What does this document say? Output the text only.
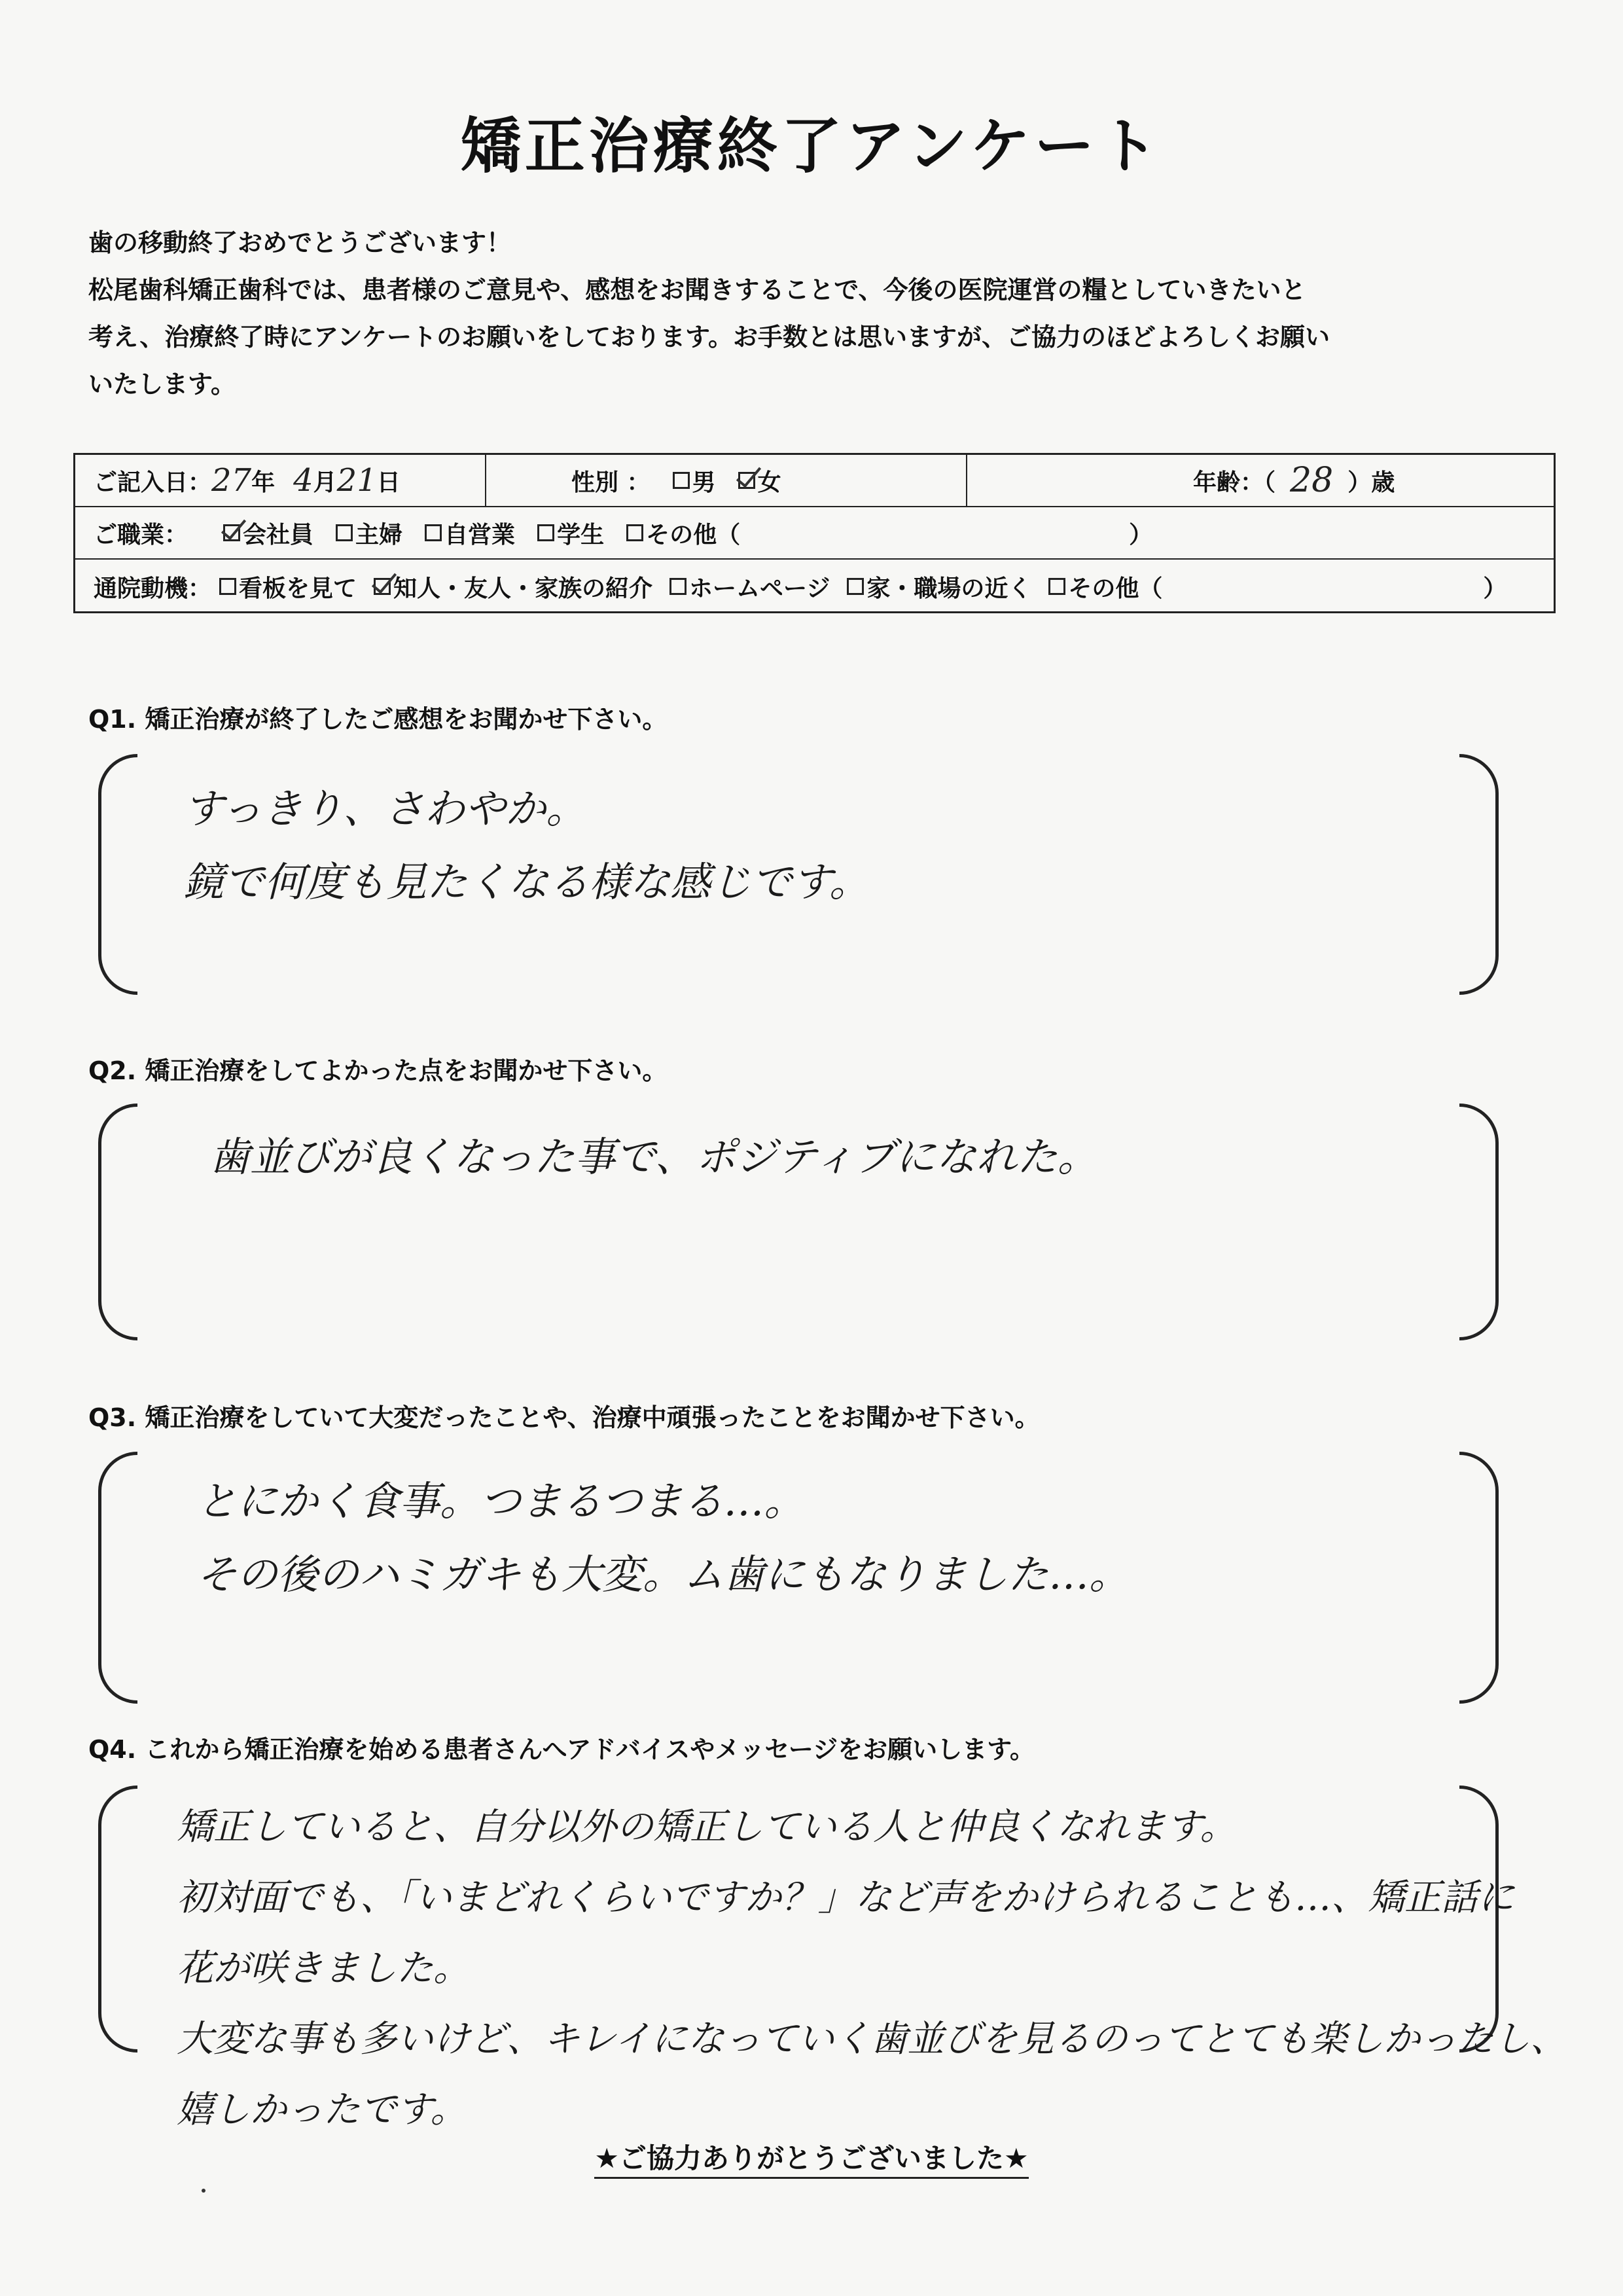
矯正治療終了アンケート

歯の移動終了おめでとうございます！

松尾歯科矯正歯科では、患者様のご意見や、感想をお聞きすることで、今後の医院運営の糧としていきたいと

考え、治療終了時にアンケートのお願いをしております。お手数とは思いますが、ご協力のほどよろしくお願い

いたします。

ご記入日： 27 年 4 月 21 日	性別 ： 男 女	年齢：（ 28 ）歳
ご職業： 会社員 主婦 自営業 学生 その他（	）
通院動機： 看板を見て 知人・友人・家族の紹介 ホームページ 家・職場の近く その他（	）
Q1. 矯正治療が終了したご感想をお聞かせ下さい。

すっきり、さわやか。

鏡で何度も見たくなる様な感じです。

Q2. 矯正治療をしてよかった点をお聞かせ下さい。

歯並びが良くなった事で、ポジティブになれた。

Q3. 矯正治療をしていて大変だったことや、治療中頑張ったことをお聞かせ下さい。

とにかく食事。つまるつまる…。

その後のハミガキも大変。ム歯にもなりました…。

Q4. これから矯正治療を始める患者さんへアドバイスやメッセージをお願いします。

矯正していると、自分以外の矯正している人と仲良くなれます。

初対面でも、「いまどれくらいですか？」など声をかけられることも…、矯正話に

花が咲きました。

大変な事も多いけど、キレイになっていく歯並びを見るのってとても楽しかったし、

嬉しかったです。

★ご協力ありがとうございました★
